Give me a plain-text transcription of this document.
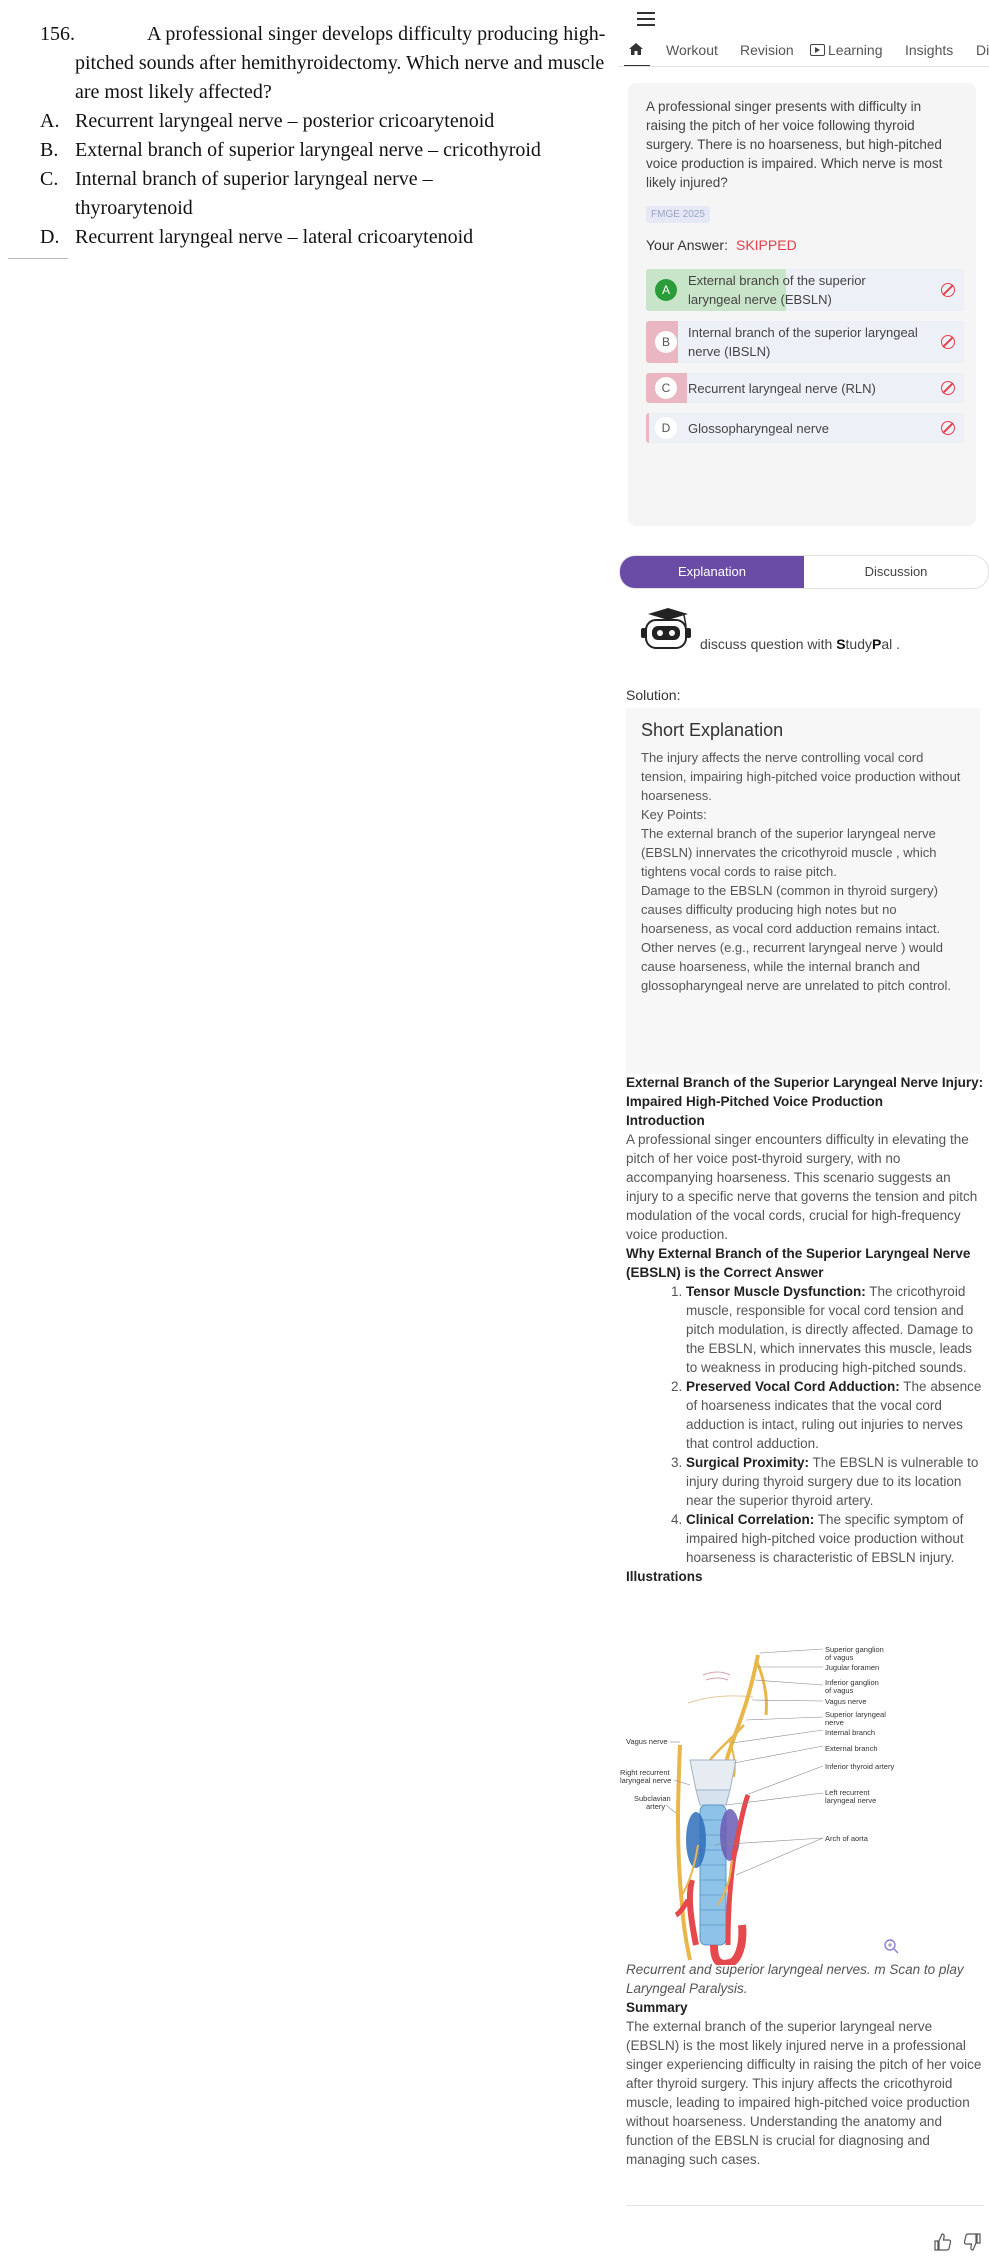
156.	A professional singer develops difficulty producing high-pitched sounds after hemithyroidectomy. Which nerve and muscle are most likely affected?
A. Recurrent laryngeal nerve – posterior cricoarytenoid
B. External branch of superior laryngeal nerve – cricothyroid
C. Internal branch of superior laryngeal nerve – thyroarytenoid
D. Recurrent laryngeal nerve – lateral cricoarytenoid
Workout Revision	Learning Insights Di
A professional singer presents with difficulty in raising the pitch of her voice following thyroid surgery. There is no hoarseness, but high-pitched voice production is impaired. Which nerve is most likely injured?
FMGE 2025
Your Answer: SKIPPED
A
External branch of the superior laryngeal nerve (EBSLN)
B
Internal branch of the superior laryngeal nerve (IBSLN)
C	Recurrent laryngeal nerve (RLN)
D	Glossopharyngeal nerve
Explanation	Discussion
discuss question with StudyPal .
Solution:
Short Explanation

The injury affects the nerve controlling vocal cord tension, impairing high-pitched voice production without hoarseness.

Key Points:

The external branch of the superior laryngeal nerve (EBSLN) innervates the cricothyroid muscle , which tightens vocal cords to raise pitch.

Damage to the EBSLN (common in thyroid surgery) causes difficulty producing high notes but no hoarseness, as vocal cord adduction remains intact.

Other nerves (e.g., recurrent laryngeal nerve ) would cause hoarseness, while the internal branch and glossopharyngeal nerve are unrelated to pitch control.

External Branch of the Superior Laryngeal Nerve Injury: Impaired High-Pitched Voice Production
Introduction

A professional singer encounters difficulty in elevating the pitch of her voice post-thyroid surgery, with no accompanying hoarseness. This scenario suggests an injury to a specific nerve that governs the tension and pitch modulation of the vocal cords, crucial for high-frequency voice production.

Why External Branch of the Superior Laryngeal Nerve (EBSLN) is the Correct Answer
1. Tensor Muscle Dysfunction: The cricothyroid muscle, responsible for vocal cord tension and pitch modulation, is directly affected. Damage to the EBSLN, which innervates this muscle, leads to weakness in producing high-pitched sounds.
2. Preserved Vocal Cord Adduction: The absence of hoarseness indicates that the vocal cord adduction is intact, ruling out injuries to nerves that control adduction.
3. Surgical Proximity: The EBSLN is vulnerable to injury during thyroid surgery due to its location near the superior thyroid artery.
4. Clinical Correlation: The specific symptom of impaired high-pitched voice production without hoarseness is characteristic of EBSLN injury.
Illustrations
Superior ganglion
of vagus
Jugular foramen
Inferior ganglion
of vagus
Vagus nerve
Superior laryngeal
nerve
Internal branch
External branch
Vagus nerve
Inferior thyroid artery
Right recurrent
laryngeal nerve
Left recurrent
laryngeal nerve
Subclavian
artery
Arch of aorta
Recurrent and superior laryngeal nerves. m Scan to play Laryngeal Paralysis.
Summary

The external branch of the superior laryngeal nerve (EBSLN) is the most likely injured nerve in a professional singer experiencing difficulty in raising the pitch of her voice after thyroid surgery. This injury affects the cricothyroid muscle, leading to impaired high-pitched voice production without hoarseness. Understanding the anatomy and function of the EBSLN is crucial for diagnosing and managing such cases.
